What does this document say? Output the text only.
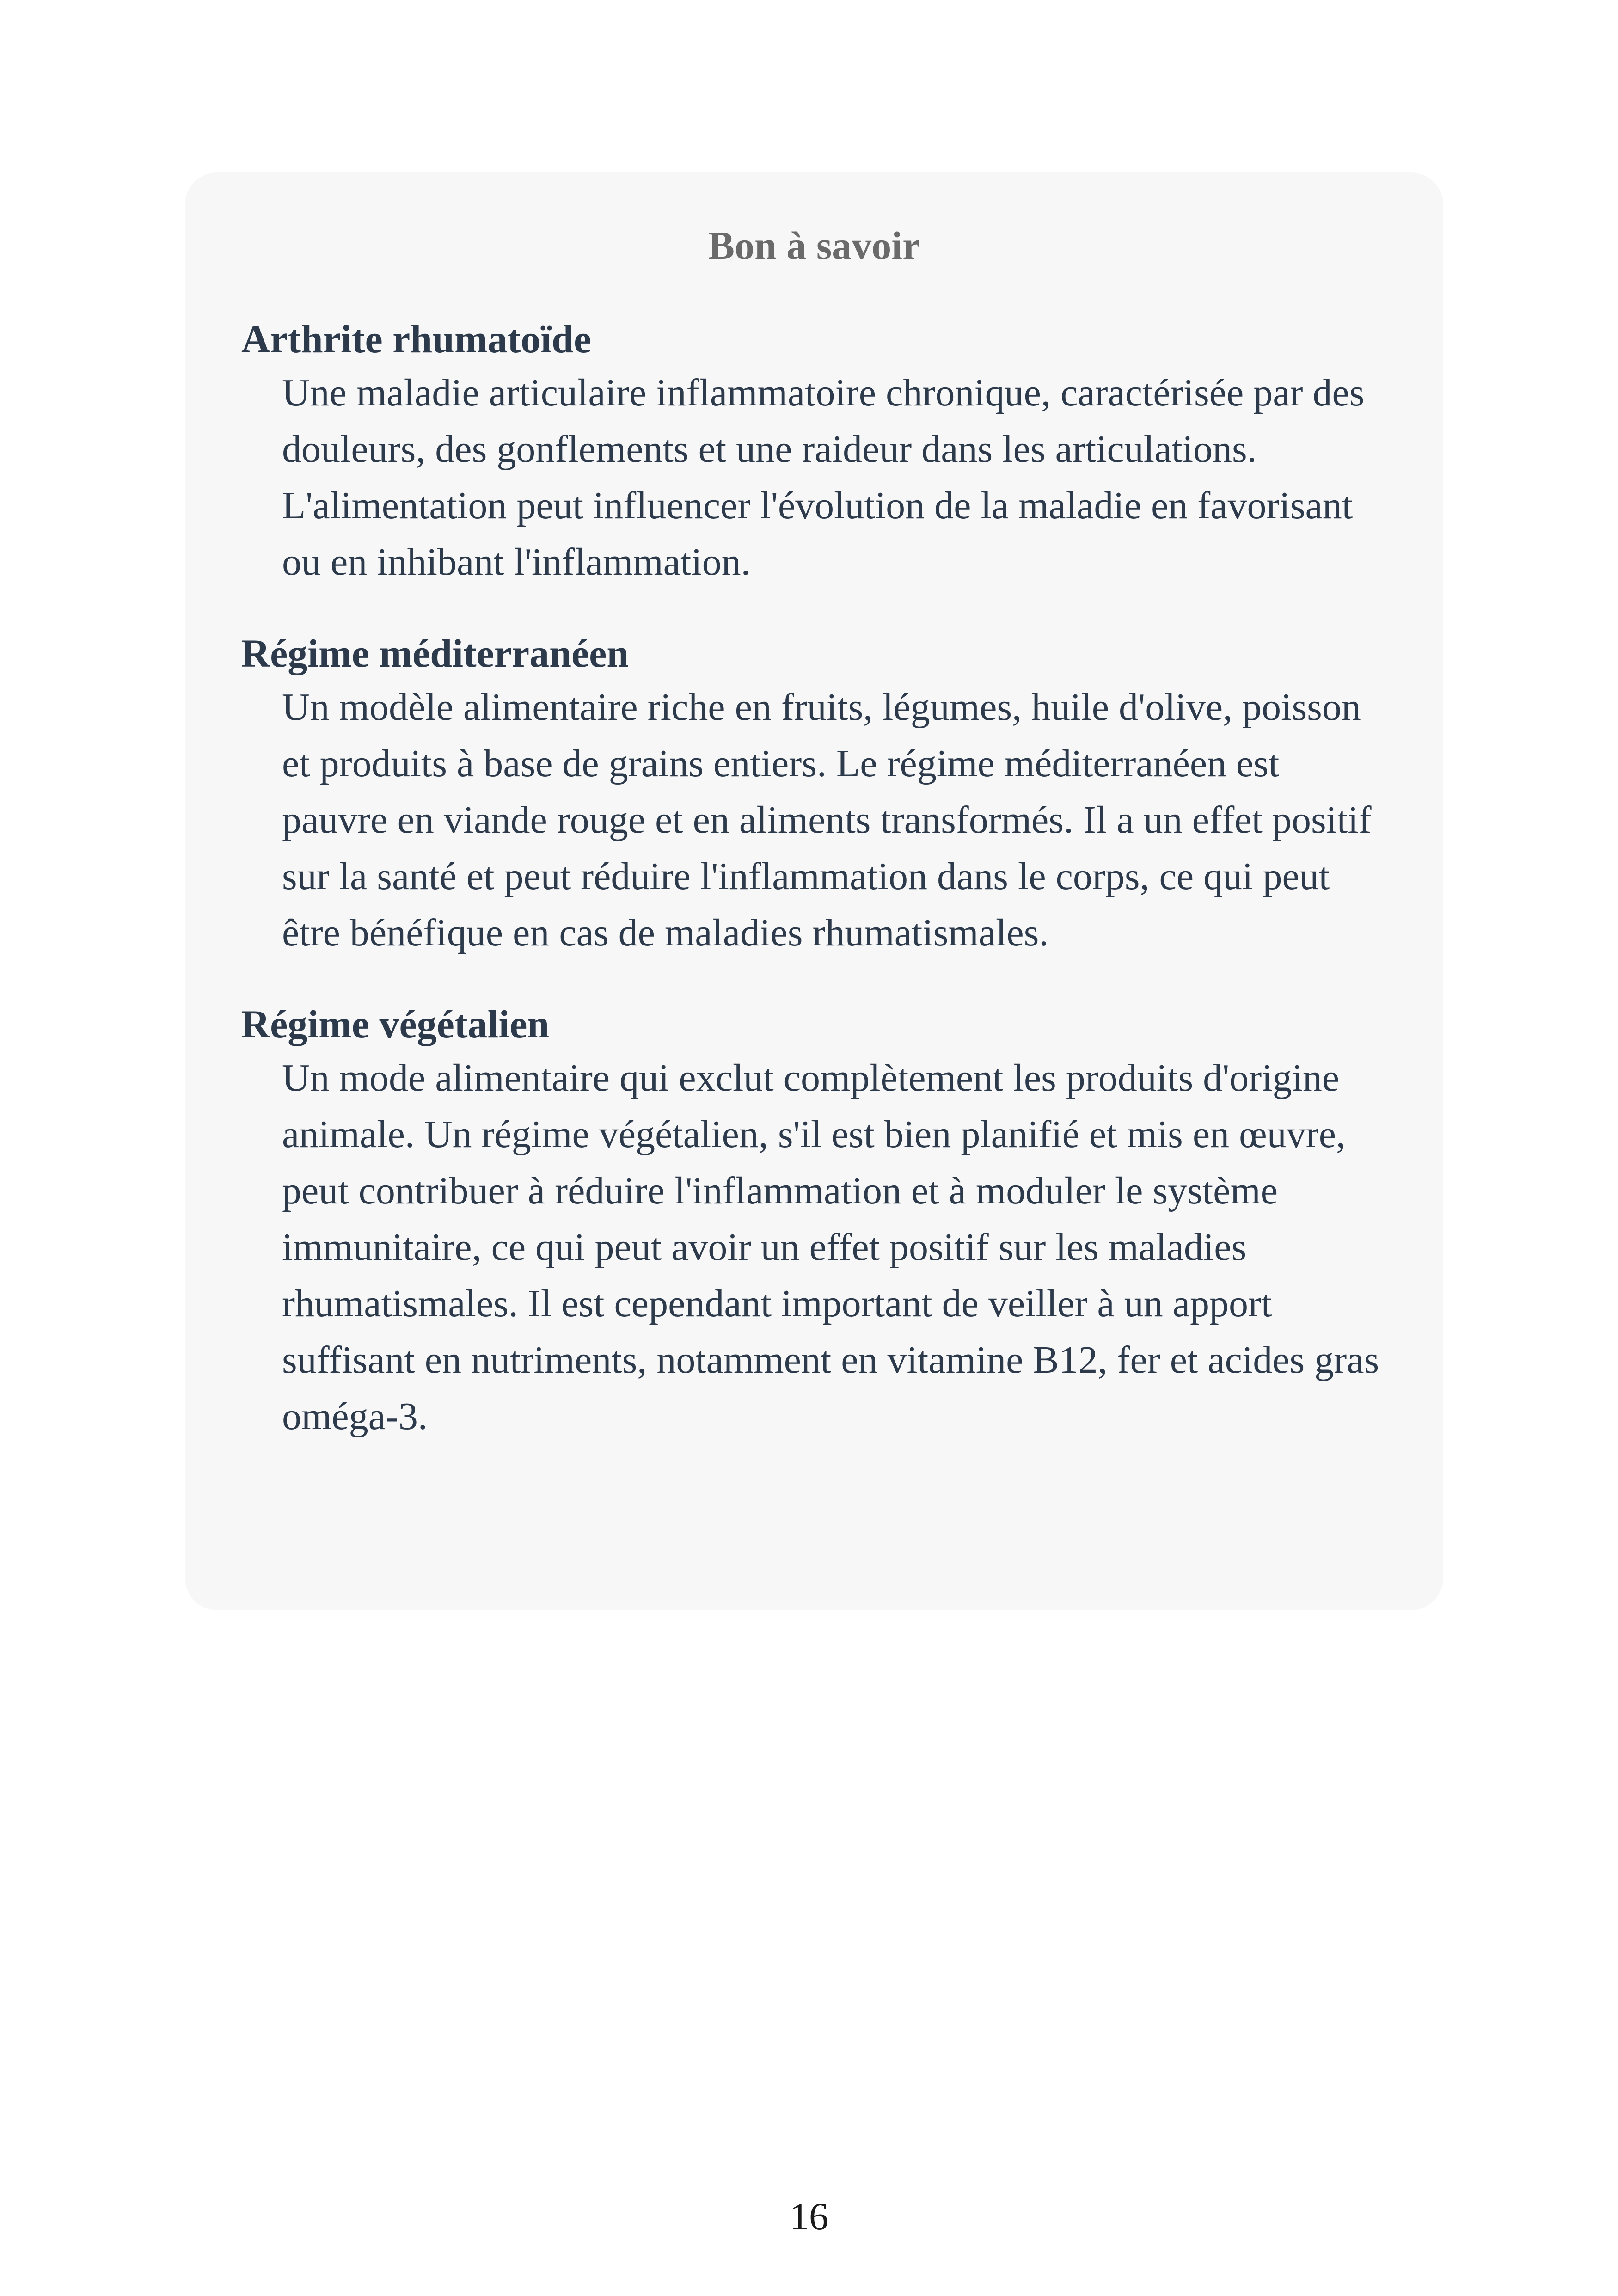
Bon à savoir
Arthrite rhumatoïde
Une maladie articulaire inflammatoire chronique, caractérisée par des douleurs, des gonflements et une raideur dans les articulations. L'alimentation peut influencer l'évolution de la maladie en favorisant ou en inhibant l'inflammation.
Régime méditerranéen
Un modèle alimentaire riche en fruits, légumes, huile d'olive, poisson et produits à base de grains entiers. Le régime méditerranéen est pauvre en viande rouge et en aliments transformés. Il a un effet positif sur la santé et peut réduire l'inflammation dans le corps, ce qui peut être bénéfique en cas de maladies rhumatismales.
Régime végétalien
Un mode alimentaire qui exclut complètement les produits d'origine animale. Un régime végétalien, s'il est bien planifié et mis en œuvre, peut contribuer à réduire l'inflammation et à moduler le système immunitaire, ce qui peut avoir un effet positif sur les maladies rhumatismales. Il est cependant important de veiller à un apport suffisant en nutriments, notamment en vitamine B12, fer et acides gras oméga-3.
16
